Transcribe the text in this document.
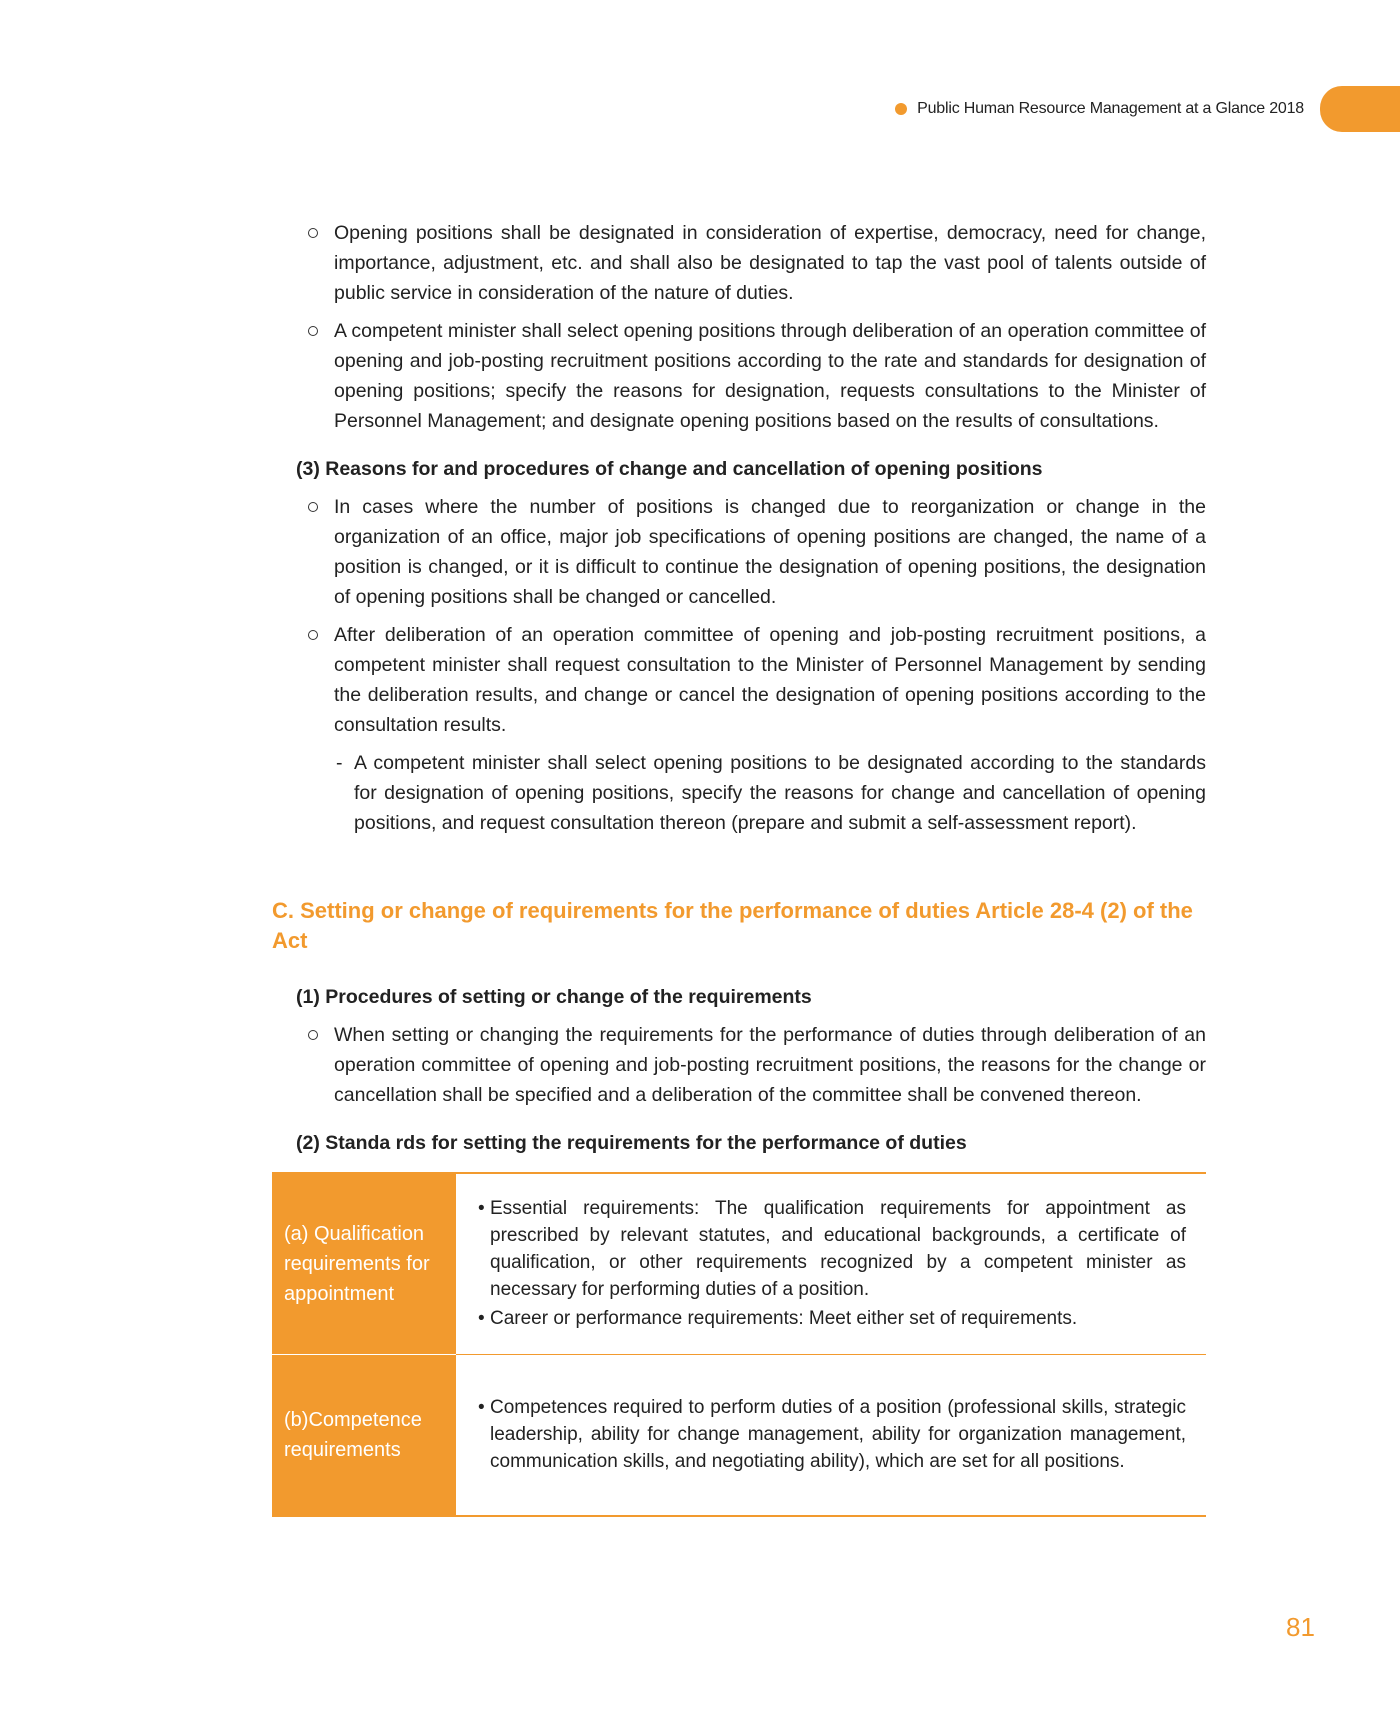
Public Human Resource Management at a Glance 2018

Opening positions shall be designated in consideration of expertise, democracy, need for change, importance, adjustment, etc. and shall also be designated to tap the vast pool of talents outside of public service in consideration of the nature of duties.

A competent minister shall select opening positions through deliberation of an operation committee of opening and job-posting recruitment positions according to the rate and standards for designation of opening positions; specify the reasons for designation, requests consultations to the Minister of Personnel Management; and designate opening positions based on the results of consultations.

(3) Reasons for and procedures of change and cancellation of opening positions

In cases where the number of positions is changed due to reorganization or change in the organization of an office, major job specifications of opening positions are changed, the name of a position is changed, or it is difficult to continue the designation of opening positions, the designation of opening positions shall be changed or cancelled.

After deliberation of an operation committee of opening and job-posting recruitment positions, a competent minister shall request consultation to the Minister of Personnel Management by sending the deliberation results, and change or cancel the designation of opening positions according to the consultation results.

- A competent minister shall select opening positions to be designated according to the standards for designation of opening positions, specify the reasons for change and cancellation of opening positions, and request consultation thereon (prepare and submit a self-assessment report).

C. Setting or change of requirements for the performance of duties Article 28-4 (2) of the Act
(1) Procedures of setting or change of the requirements

When setting or changing the requirements for the performance of duties through deliberation of an operation committee of opening and job-posting recruitment positions, the reasons for the change or cancellation shall be specified and a deliberation of the committee shall be convened thereon.

(2) Standa rds for setting the requirements for the performance of duties
(a) Qualification requirements for appointment	• Essential requirements: The qualification requirements for appointment as prescribed by relevant statutes, and educational backgrounds, a certificate of qualification, or other requirements recognized by a competent minister as necessary for performing duties of a position.
• Career or performance requirements: Meet either set of requirements.

(b)Competence requirements	• Competences required to perform duties of a position (professional skills, strategic leadership, ability for change management, ability for organization management, communication skills, and negotiating ability), which are set for all positions.
81
